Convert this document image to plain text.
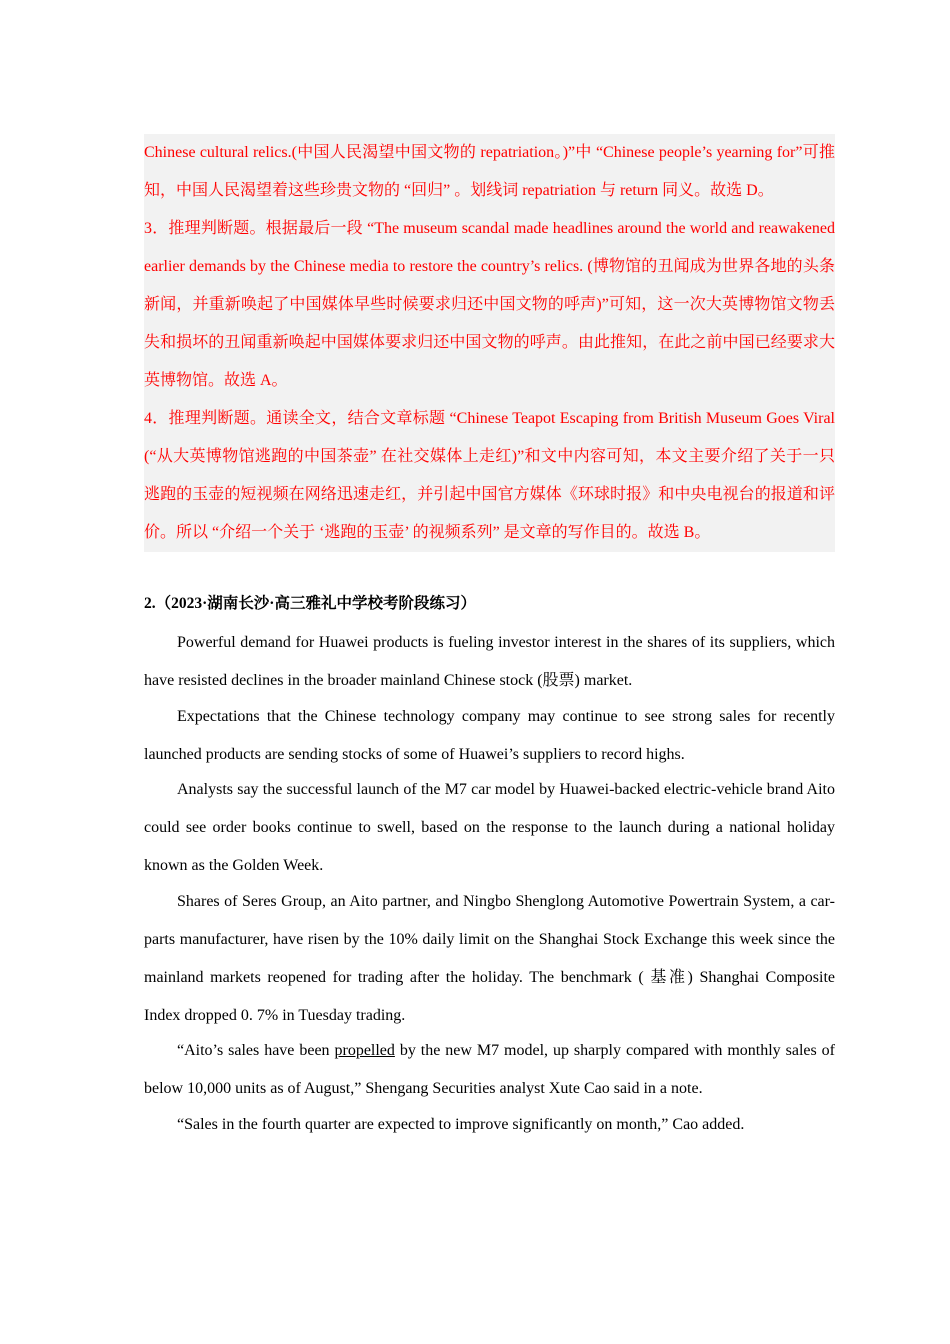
Chinese cultural relics.(中国人民渴望中国文物的 repatriation。)”中 “Chinese people’s yearning for”可推知，中国人民渴望着这些珍贵文物的 “回归” 。划线词 repatriation 与 return 同义。故选 D。

3．推理判断题。根据最后一段 “The museum scandal made headlines around the world and reawakened earlier demands by the Chinese media to restore the country’s relics. (博物馆的丑闻成为世界各地的头条新闻，并重新唤起了中国媒体早些时候要求归还中国文物的呼声)”可知，这一次大英博物馆文物丢失和损坏的丑闻重新唤起中国媒体要求归还中国文物的呼声。由此推知，在此之前中国已经要求大英博物馆。故选 A。

4．推理判断题。通读全文，结合文章标题 “Chinese Teapot Escaping from British Museum Goes Viral (“从大英博物馆逃跑的中国茶壶” 在社交媒体上走红)”和文中内容可知，本文主要介绍了关于一只逃跑的玉壶的短视频在网络迅速走红，并引起中国官方媒体《环球时报》和中央电视台的报道和评价。所以 “介绍一个关于 ‘逃跑的玉壶’ 的视频系列” 是文章的写作目的。故选 B。

2.（2023·湖南长沙·高三雅礼中学校考阶段练习）

Powerful demand for Huawei products is fueling investor interest in the shares of its suppliers, which have resisted declines in the broader mainland Chinese stock (股票) market.

Expectations that the Chinese technology company may continue to see strong sales for recently launched products are sending stocks of some of Huawei’s suppliers to record highs.

Analysts say the successful launch of the M7 car model by Huawei-backed electric-vehicle brand Aito could see order books continue to swell, based on the response to the launch during a national holiday known as the Golden Week.

Shares of Seres Group, an Aito partner, and Ningbo Shenglong Automotive Powertrain System, a car-parts manufacturer, have risen by the 10% daily limit on the Shanghai Stock Exchange this week since the mainland markets reopened for trading after the holiday. The benchmark ( 基准) Shanghai Composite Index dropped 0. 7% in Tuesday trading.

“Aito’s sales have been propelled by the new M7 model, up sharply compared with monthly sales of below 10,000 units as of August,” Shengang Securities analyst Xute Cao said in a note.

“Sales in the fourth quarter are expected to improve significantly on month,” Cao added.
